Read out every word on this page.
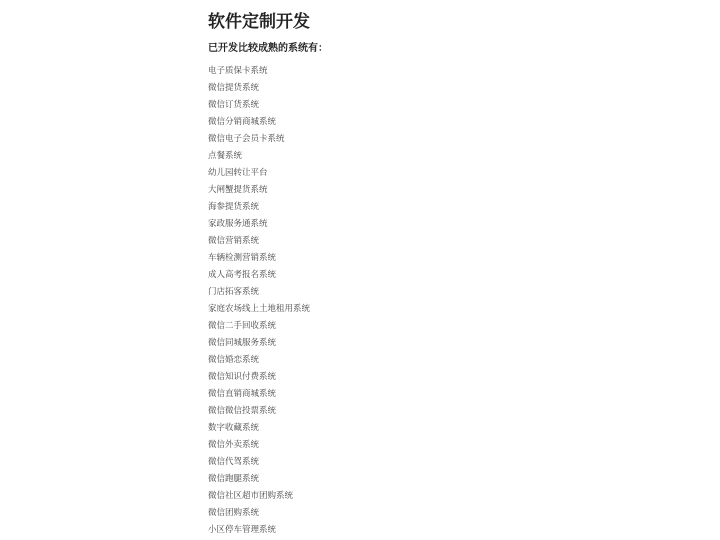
软件定制开发
已开发比较成熟的系统有：
电子质保卡系统
微信提货系统
微信订货系统
微信分销商城系统
微信电子会员卡系统
点餐系统
幼儿园转让平台
大闸蟹提货系统
海参提货系统
家政服务通系统
微信营销系统
车辆检测营销系统
成人高考报名系统
门店拓客系统
家庭农场线上土地租用系统
微信二手回收系统
微信同城服务系统
微信婚恋系统
微信知识付费系统
微信直销商城系统
微信微信投票系统
数字收藏系统
微信外卖系统
微信代驾系统
微信跑腿系统
微信社区超市团购系统
微信团购系统
小区停车管理系统
